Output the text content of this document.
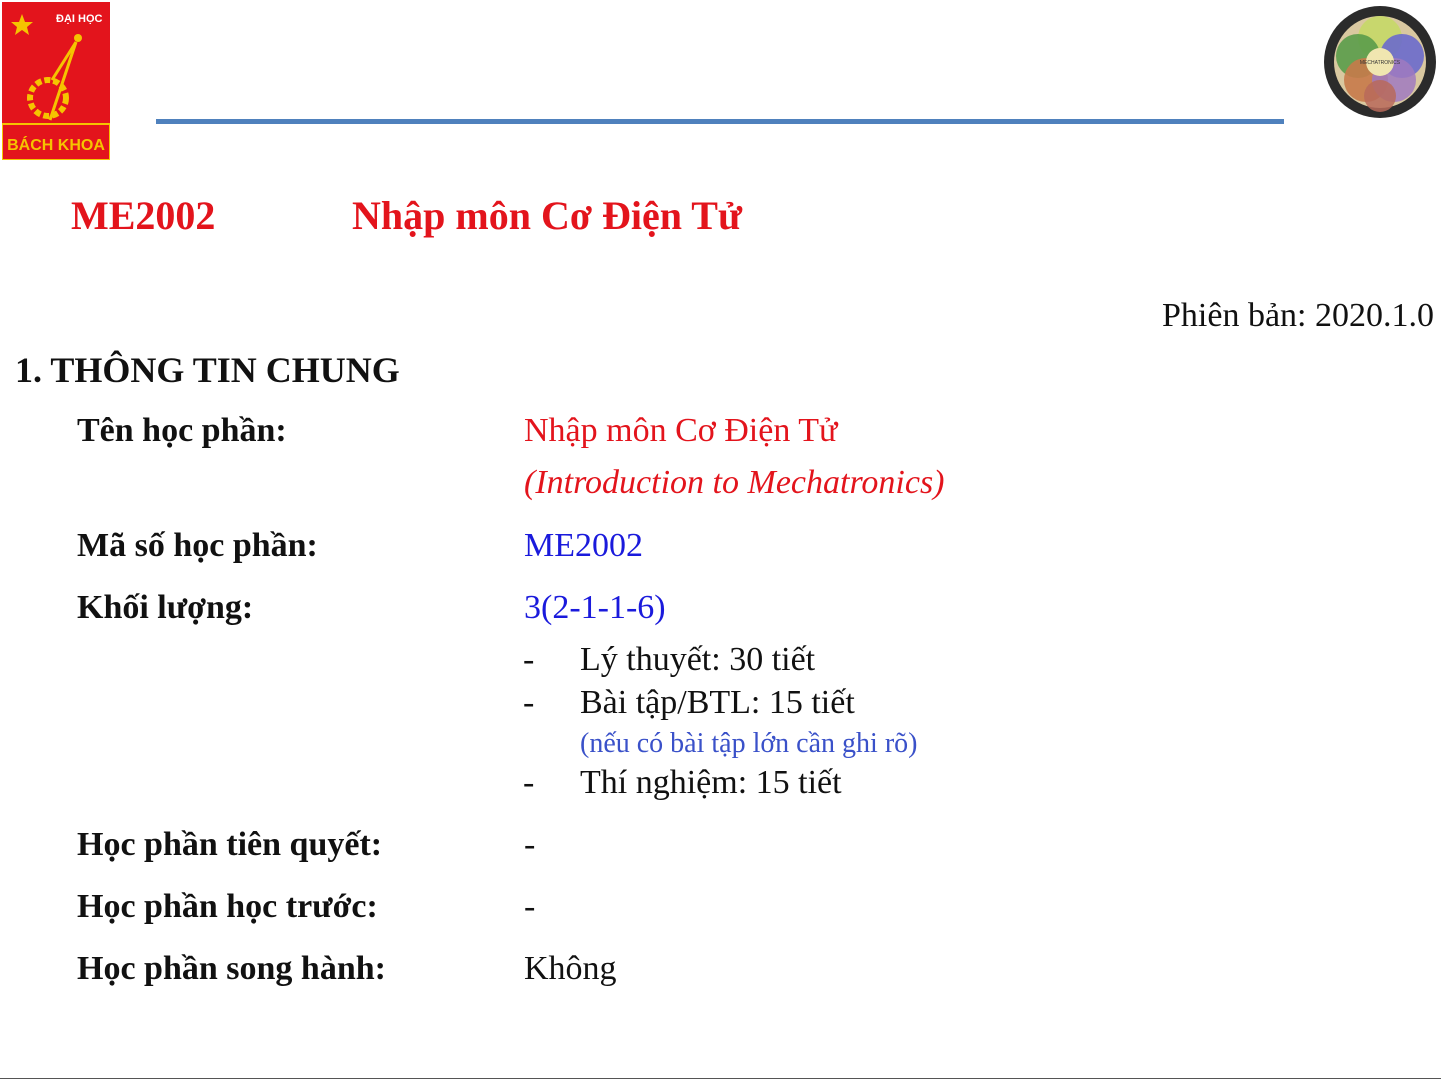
ĐẠI HỌC
BÁCH KHOA
MECHATRONICS
ME2002	Nhập môn Cơ Điện Tử
Phiên bản: 2020.1.0
1. THÔNG TIN CHUNG
Tên học phần:	Nhập môn Cơ Điện Tử
(Introduction to Mechatronics)
Mã số học phần:	ME2002
Khối lượng:	3(2-1-1-6)
- Lý thuyết: 30 tiết
- Bài tập/BTL: 15 tiết
(nếu có bài tập lớn cần ghi rõ)
- Thí nghiệm: 15 tiết
Học phần tiên quyết:	-
Học phần học trước:	-
Học phần song hành:	Không
